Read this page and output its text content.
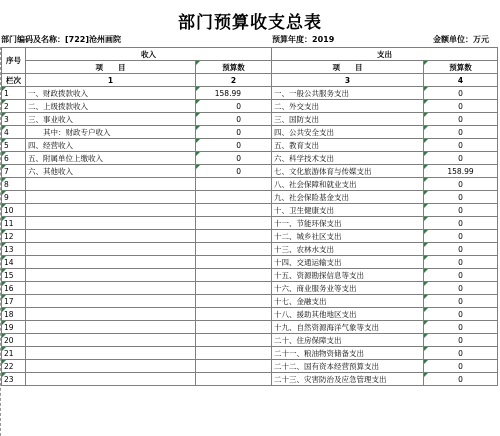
部门预算收支总表
部门编码及名称：[722]沧州画院	预算年度：2019	金额单位：万元
序号	收入		支出	
	项　　目	预算数	项　　目	预算数
栏次	1	2	3	4
1	一、财政拨款收入	158.99	一、一般公共服务支出	0
2	二、上级拨款收入	0	二、外交支出	0
3	三、事业收入	0	三、国防支出	0
4	　　其中：财政专户收入	0	四、公共安全支出	0
5	四、经营收入	0	五、教育支出	0
6	五、附属单位上缴收入	0	六、科学技术支出	0
7	六、其他收入	0	七、文化旅游体育与传媒支出	158.99
8			八、社会保障和就业支出	0
9			九、社会保险基金支出	0
10			十、卫生健康支出	0
11			十一、节能环保支出	0
12			十二、城乡社区支出	0
13			十三、农林水支出	0
14			十四、交通运输支出	0
15			十五、资源勘探信息等支出	0
16			十六、商业服务业等支出	0
17			十七、金融支出	0
18			十八、援助其他地区支出	0
19			十九、自然资源海洋气象等支出	0
20			二十、住房保障支出	0
21			二十一、粮油物资储备支出	0
22			二十二、国有资本经营预算支出	0
23			二十三、灾害防治及应急管理支出	0
